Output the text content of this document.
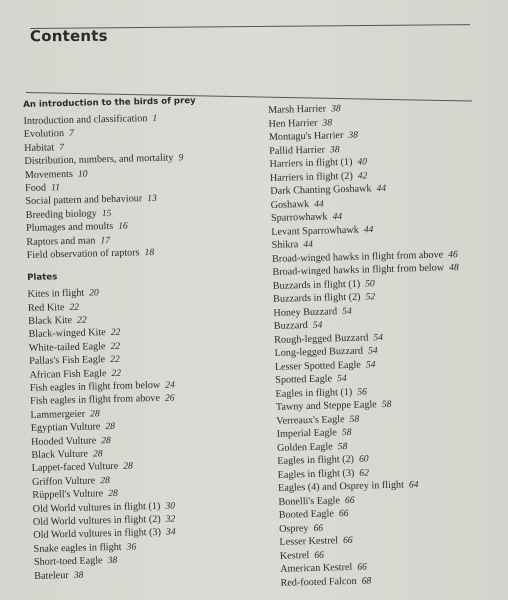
Contents
An introduction to the birds of prey
Introduction and classification 1
Evolution 7
Habitat 7
Distribution, numbers, and mortality 9
Movements 10
Food 11
Social pattern and behaviour 13
Breeding biology 15
Plumages and moults 16
Raptors and man 17
Field observation of raptors 18
Plates
Kites in flight 20
Red Kite 22
Black Kite 22
Black-winged Kite 22
White-tailed Eagle 22
Pallas's Fish Eagle 22
African Fish Eagle 22
Fish eagles in flight from below 24
Fish eagles in flight from above 26
Lammergeier 28
Egyptian Vulture 28
Hooded Vulture 28
Black Vulture 28
Lappet-faced Vulture 28
Griffon Vulture 28
Rüppell's Vulture 28
Old World vultures in flight (1) 30
Old World vultures in flight (2) 32
Old World vultures in flight (3) 34
Snake eagles in flight 36
Short-toed Eagle 38
Bateleur 38
Marsh Harrier 38
Hen Harrier 38
Montagu's Harrier 38
Pallid Harrier 38
Harriers in flight (1) 40
Harriers in flight (2) 42
Dark Chanting Goshawk 44
Goshawk 44
Sparrowhawk 44
Levant Sparrowhawk 44
Shikra 44
Broad-winged hawks in flight from above 46
Broad-winged hawks in flight from below 48
Buzzards in flight (1) 50
Buzzards in flight (2) 52
Honey Buzzard 54
Buzzard 54
Rough-legged Buzzard 54
Long-legged Buzzard 54
Lesser Spotted Eagle 54
Spotted Eagle 54
Eagles in flight (1) 56
Tawny and Steppe Eagle 58
Verreaux's Eagle 58
Imperial Eagle 58
Golden Eagle 58
Eagles in flight (2) 60
Eagles in flight (3) 62
Eagles (4) and Osprey in flight 64
Bonelli's Eagle 66
Booted Eagle 66
Osprey 66
Lesser Kestrel 66
Kestrel 66
American Kestrel 66
Red-footed Falcon 68
